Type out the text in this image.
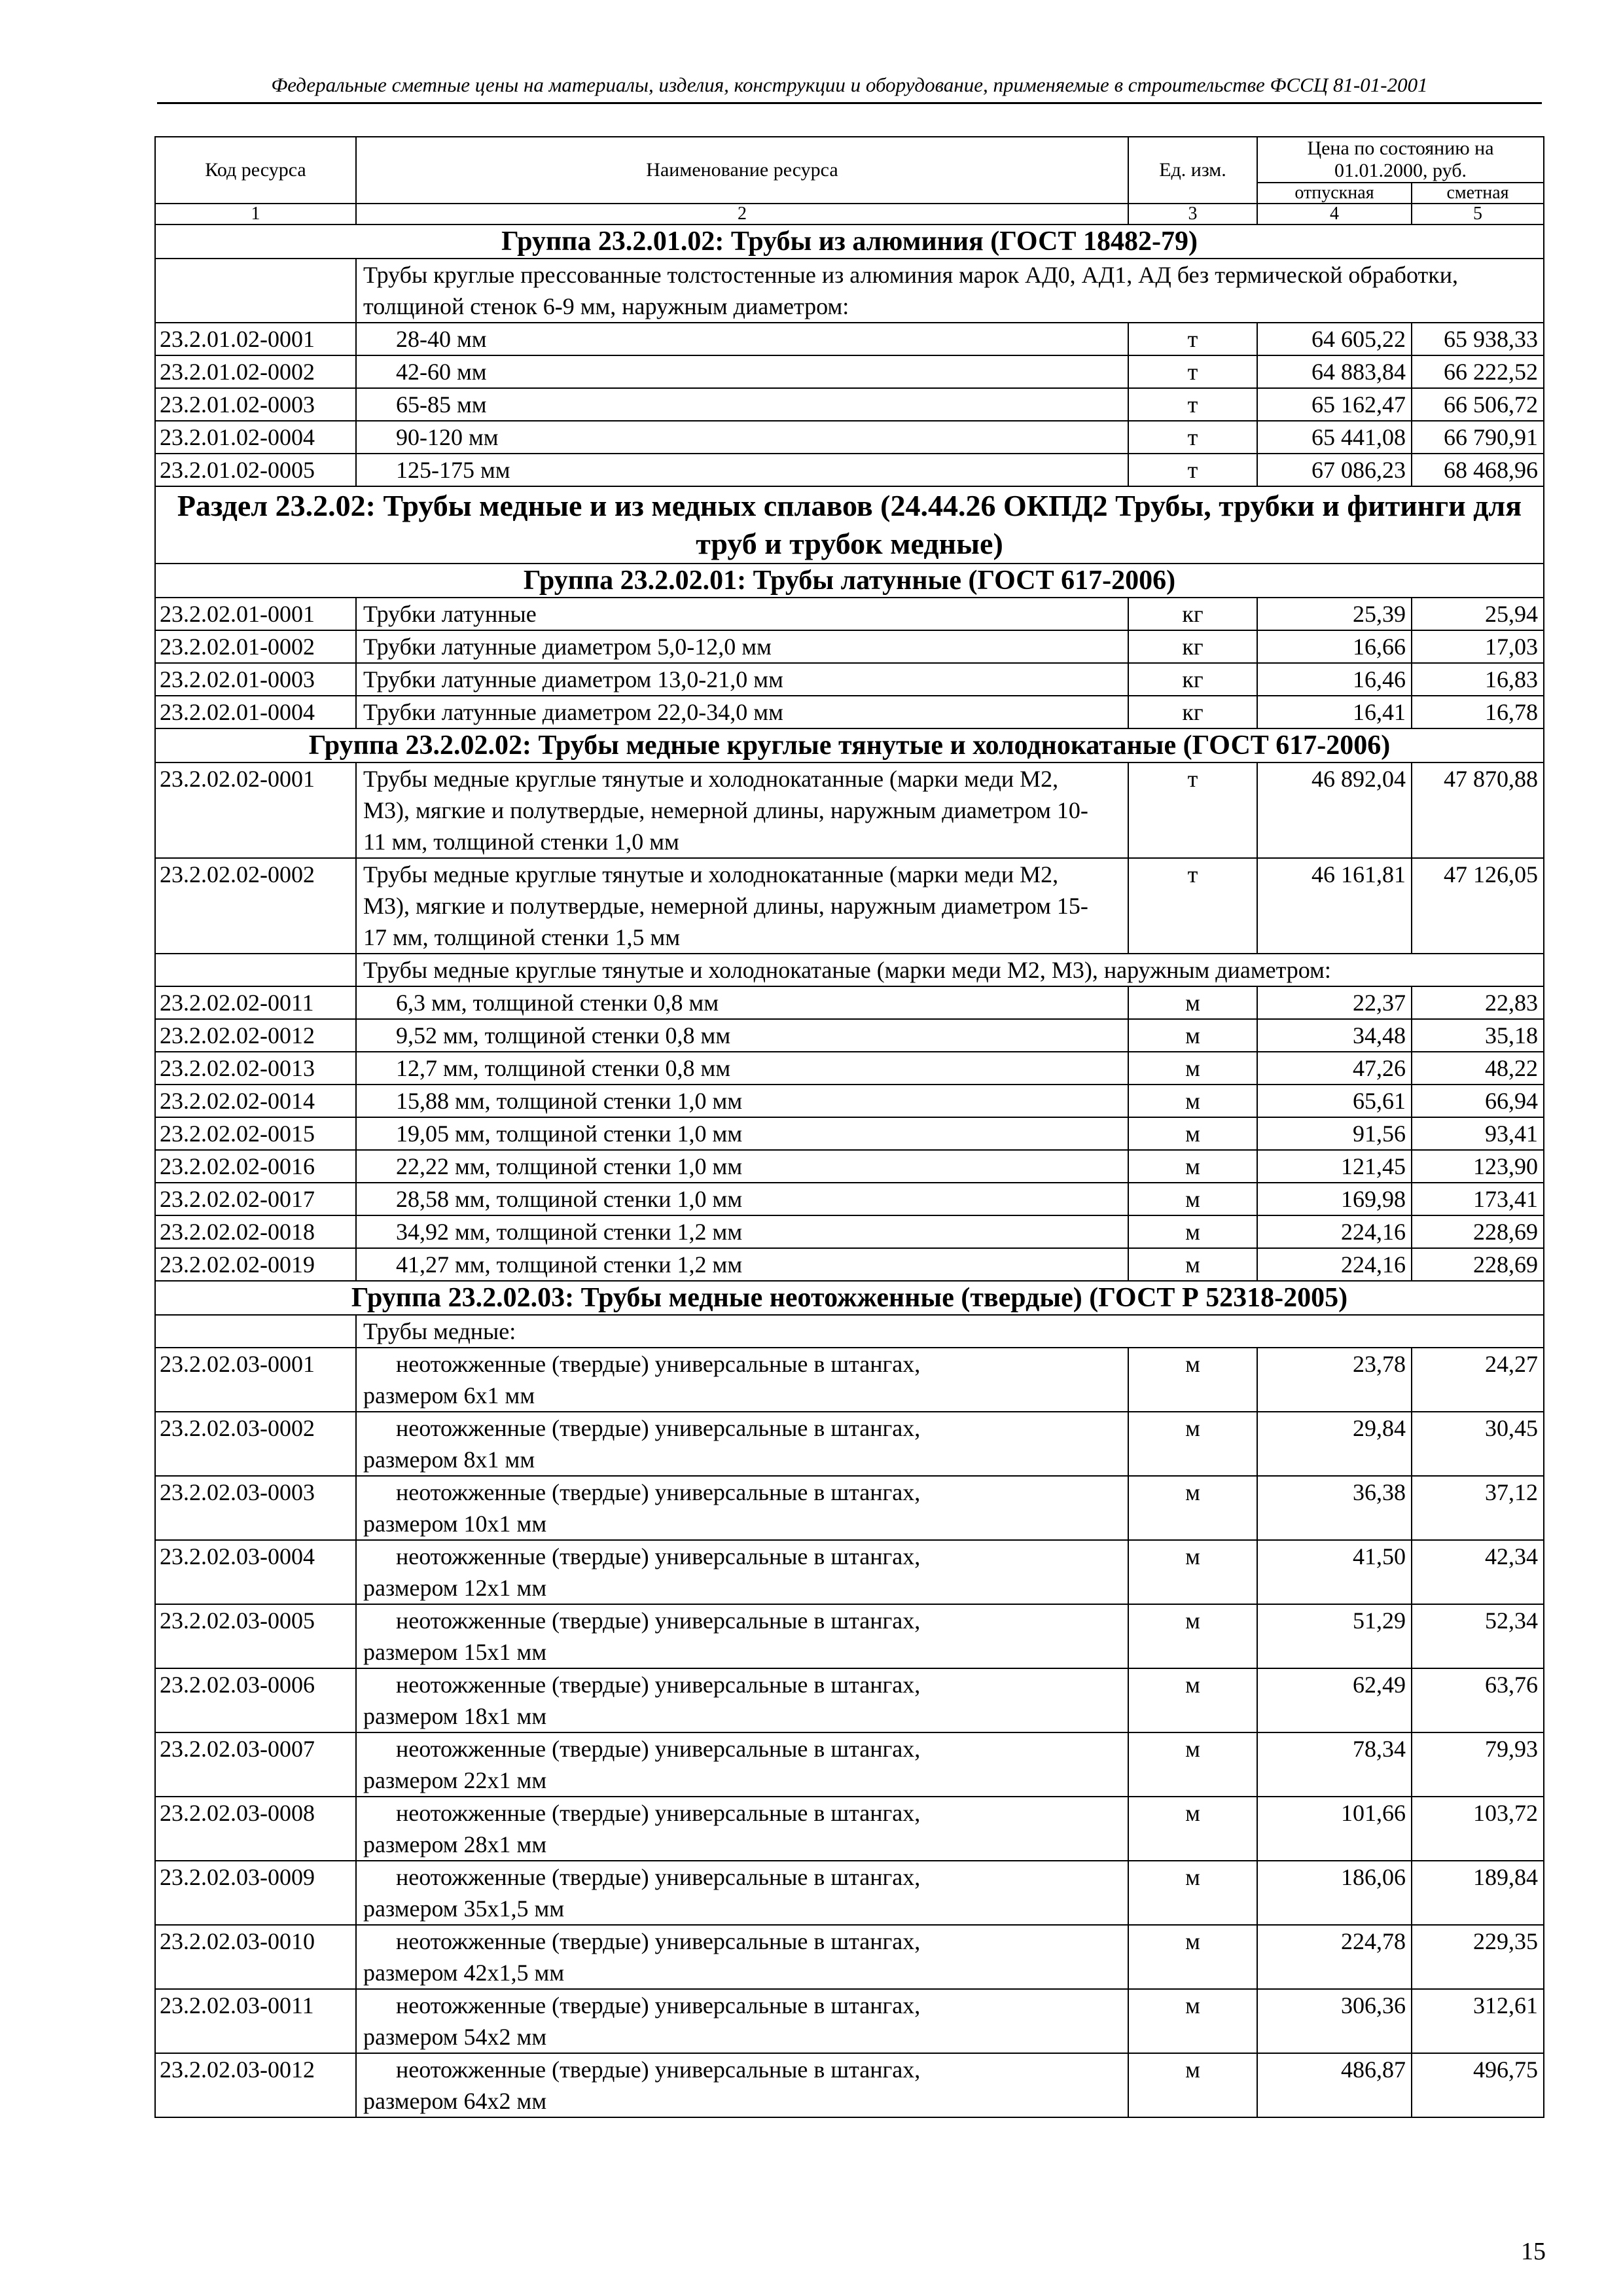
Федеральные сметные цены на материалы, изделия, конструкции и оборудование, применяемые в строительстве ФССЦ 81-01-2001
Код ресурса	Наименование ресурса	Ед. изм.	Цена по состоянию на 01.01.2000, руб.	
			отпускная	сметная
1	2	3	4	5
Группа 23.2.01.02: Трубы из алюминия (ГОСТ 18482-79)				
	Трубы круглые прессованные толстостенные из алюминия марок АД0, АД1, АД без термической обработки, толщиной стенок 6-9 мм, наружным диаметром:			
23.2.01.02-0001	28-40 мм	т	64 605,22	65 938,33
23.2.01.02-0002	42-60 мм	т	64 883,84	66 222,52
23.2.01.02-0003	65-85 мм	т	65 162,47	66 506,72
23.2.01.02-0004	90-120 мм	т	65 441,08	66 790,91
23.2.01.02-0005	125-175 мм	т	67 086,23	68 468,96
Раздел 23.2.02: Трубы медные и из медных сплавов (24.44.26 ОКПД2 Трубы, трубки и фитинги для труб и трубок медные)				
Группа 23.2.02.01: Трубы латунные (ГОСТ 617-2006)				
23.2.02.01-0001	Трубки латунные	кг	25,39	25,94
23.2.02.01-0002	Трубки латунные диаметром 5,0-12,0 мм	кг	16,66	17,03
23.2.02.01-0003	Трубки латунные диаметром 13,0-21,0 мм	кг	16,46	16,83
23.2.02.01-0004	Трубки латунные диаметром 22,0-34,0 мм	кг	16,41	16,78
Группа 23.2.02.02: Трубы медные круглые тянутые и холоднокатаные (ГОСТ 617-2006)				
23.2.02.02-0001	Трубы медные круглые тянутые и холоднокатанные (марки меди М2, М3), мягкие и полутвердые, немерной длины, наружным диаметром 10-11 мм, толщиной стенки 1,0 мм	т	46 892,04	47 870,88
23.2.02.02-0002	Трубы медные круглые тянутые и холоднокатанные (марки меди М2, М3), мягкие и полутвердые, немерной длины, наружным диаметром 15-17 мм, толщиной стенки 1,5 мм	т	46 161,81	47 126,05
	Трубы медные круглые тянутые и холоднокатаные (марки меди М2, М3), наружным диаметром:			
23.2.02.02-0011	6,3 мм, толщиной стенки 0,8 мм	м	22,37	22,83
23.2.02.02-0012	9,52 мм, толщиной стенки 0,8 мм	м	34,48	35,18
23.2.02.02-0013	12,7 мм, толщиной стенки 0,8 мм	м	47,26	48,22
23.2.02.02-0014	15,88 мм, толщиной стенки 1,0 мм	м	65,61	66,94
23.2.02.02-0015	19,05 мм, толщиной стенки 1,0 мм	м	91,56	93,41
23.2.02.02-0016	22,22 мм, толщиной стенки 1,0 мм	м	121,45	123,90
23.2.02.02-0017	28,58 мм, толщиной стенки 1,0 мм	м	169,98	173,41
23.2.02.02-0018	34,92 мм, толщиной стенки 1,2 мм	м	224,16	228,69
23.2.02.02-0019	41,27 мм, толщиной стенки 1,2 мм	м	224,16	228,69
Группа 23.2.02.03: Трубы медные неотожженные (твердые) (ГОСТ Р 52318-2005)				
	Трубы медные:			
23.2.02.03-0001	неотожженные (твердые) универсальные в штангах,
размером 6х1 мм	м	23,78	24,27
23.2.02.03-0002	неотожженные (твердые) универсальные в штангах,
размером 8х1 мм	м	29,84	30,45
23.2.02.03-0003	неотожженные (твердые) универсальные в штангах,
размером 10х1 мм	м	36,38	37,12
23.2.02.03-0004	неотожженные (твердые) универсальные в штангах,
размером 12х1 мм	м	41,50	42,34
23.2.02.03-0005	неотожженные (твердые) универсальные в штангах,
размером 15х1 мм	м	51,29	52,34
23.2.02.03-0006	неотожженные (твердые) универсальные в штангах,
размером 18х1 мм	м	62,49	63,76
23.2.02.03-0007	неотожженные (твердые) универсальные в штангах,
размером 22х1 мм	м	78,34	79,93
23.2.02.03-0008	неотожженные (твердые) универсальные в штангах,
размером 28х1 мм	м	101,66	103,72
23.2.02.03-0009	неотожженные (твердые) универсальные в штангах,
размером 35х1,5 мм	м	186,06	189,84
23.2.02.03-0010	неотожженные (твердые) универсальные в штангах,
размером 42х1,5 мм	м	224,78	229,35
23.2.02.03-0011	неотожженные (твердые) универсальные в штангах,
размером 54х2 мм	м	306,36	312,61
23.2.02.03-0012	неотожженные (твердые) универсальные в штангах,
размером 64х2 мм	м	486,87	496,75
15
